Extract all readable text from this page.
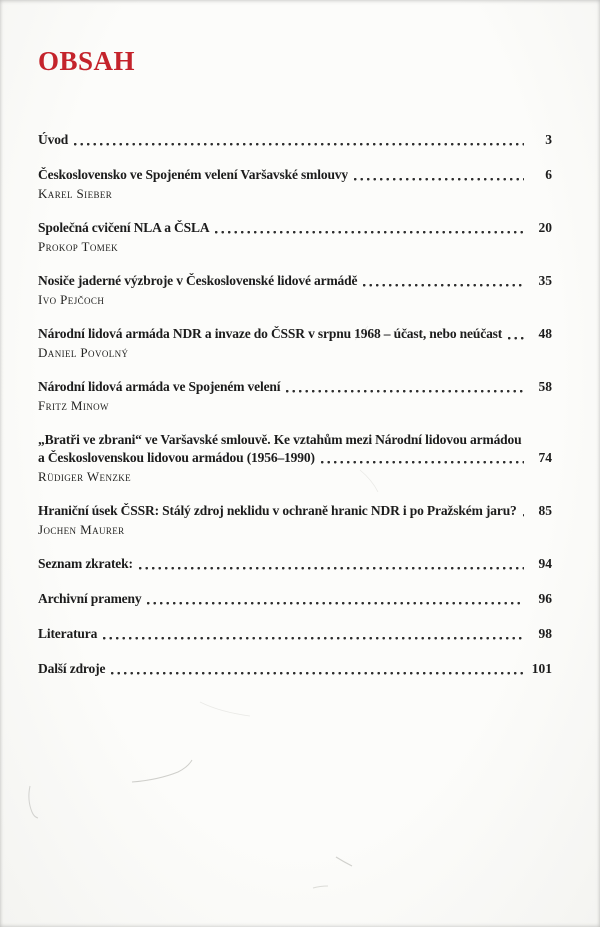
OBSAH
Úvod	3
Československo ve Spojeném velení Varšavské smlouvy	6
Karel Sieber
Společná cvičení NLA a ČSLA	20
Prokop Tomek
Nosiče jaderné výzbroje v Československé lidové armádě	35
Ivo Pejčoch
Národní lidová armáda NDR a invaze do ČSSR v srpnu 1968 – účast, nebo neúčast	48
Daniel Povolný
Národní lidová armáda ve Spojeném velení	58
Fritz Minow
„Bratři ve zbrani“ ve Varšavské smlouvě. Ke vztahům mezi Národní lidovou armádou
a Československou lidovou armádou (1956–1990)	74
Rüdiger Wenzke
Hraniční úsek ČSSR: Stálý zdroj neklidu v ochraně hranic NDR i po Pražském jaru?	85
Jochen Maurer
Seznam zkratek:	94
Archivní prameny	96
Literatura	98
Další zdroje	101
